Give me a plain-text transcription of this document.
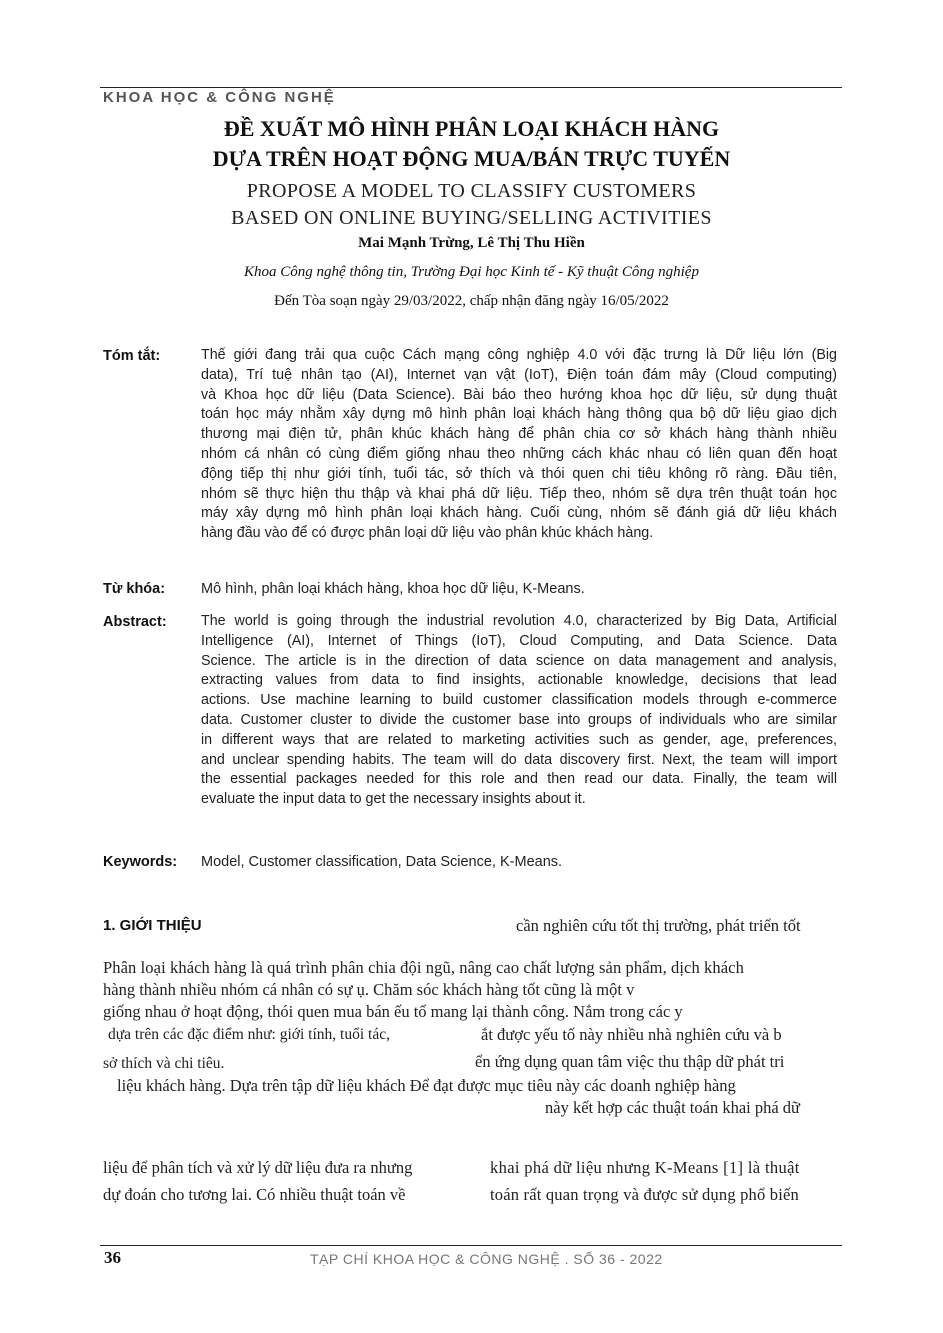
KHOA HỌC & CÔNG NGHỆ
ĐỀ XUẤT MÔ HÌNH PHÂN LOẠI KHÁCH HÀNG
DỰA TRÊN HOẠT ĐỘNG MUA/BÁN TRỰC TUYẾN
PROPOSE A MODEL TO CLASSIFY CUSTOMERS
BASED ON ONLINE BUYING/SELLING ACTIVITIES
Mai Mạnh Trừng, Lê Thị Thu Hiền
Khoa Công nghệ thông tin, Trường Đại học Kinh tế - Kỹ thuật Công nghiệp
Đến Tòa soạn ngày 29/03/2022, chấp nhận đăng ngày 16/05/2022
Tóm tắt:	Thế giới đang trải qua cuộc Cách mạng công nghiệp 4.0 với đặc trưng là Dữ liệu lớn (Big
data), Trí tuệ nhân tạo (AI), Internet vạn vật (IoT), Điện toán đám mây (Cloud computing)
và Khoa học dữ liệu (Data Science). Bài báo theo hướng khoa học dữ liệu, sử dụng thuật
toán học máy nhằm xây dựng mô hình phân loại khách hàng thông qua bộ dữ liệu giao dịch
thương mại điện tử, phân khúc khách hàng để phân chia cơ sở khách hàng thành nhiều
nhóm cá nhân có cùng điểm giống nhau theo những cách khác nhau có liên quan đến hoạt
động tiếp thị như giới tính, tuổi tác, sở thích và thói quen chi tiêu không rõ ràng. Đầu tiên,
nhóm sẽ thực hiện thu thập và khai phá dữ liệu. Tiếp theo, nhóm sẽ dựa trên thuật toán học
máy xây dựng mô hình phân loại khách hàng. Cuối cùng, nhóm sẽ đánh giá dữ liệu khách
hàng đầu vào để có được phân loại dữ liệu vào phân khúc khách hàng.
Từ khóa: Mô hình, phân loại khách hàng, khoa học dữ liệu, K-Means.
Abstract: The world is going through the industrial revolution 4.0, characterized by Big Data, Artificial
Intelligence (AI), Internet of Things (IoT), Cloud Computing, and Data Science. Data
Science. The article is in the direction of data science on data management and analysis,
extracting values from data to find insights, actionable knowledge, decisions that lead
actions. Use machine learning to build customer classification models through e-commerce
data. Customer cluster to divide the customer base into groups of individuals who are similar
in different ways that are related to marketing activities such as gender, age, preferences,
and unclear spending habits. The team will do data discovery first. Next, the team will import
the essential packages needed for this role and then read our data. Finally, the team will
evaluate the input data to get the necessary insights about it.
Keywords: Model, Customer classification, Data Science, K-Means.
1. GIỚI THIỆU	cần nghiên cứu tốt thị trường, phát triển tốt
Phân loại khách hàng là quá trình phân chia đội ngũ, nâng cao chất lượng sản phẩm, dịch khách
hàng thành nhiều nhóm cá nhân có sự ụ. Chăm sóc khách hàng tốt cũng là một v
giống nhau ở hoạt động, thói quen mua bán ếu tố mang lại thành công. Nắm trong các y
dựa trên các đặc điểm như: giới tính, tuổi tác,	ắt được yếu tố này nhiều nhà nghiên cứu và b
sở thích và chi tiêu.	ển ứng dụng quan tâm việc thu thập dữ phát tri
liệu khách hàng. Dựa trên tập dữ liệu khách Để đạt được mục tiêu này các doanh nghiệp hàng
này kết hợp các thuật toán khai phá dữ
liệu để phân tích và xử lý dữ liệu đưa ra nhưng
dự đoán cho tương lai. Có nhiều thuật toán về
khai phá dữ liệu nhưng K-Means [1] là thuật
toán rất quan trọng và được sử dụng phổ biến
36	TẠP CHÍ KHOA HỌC & CÔNG NGHỆ . SỐ 36 - 2022
